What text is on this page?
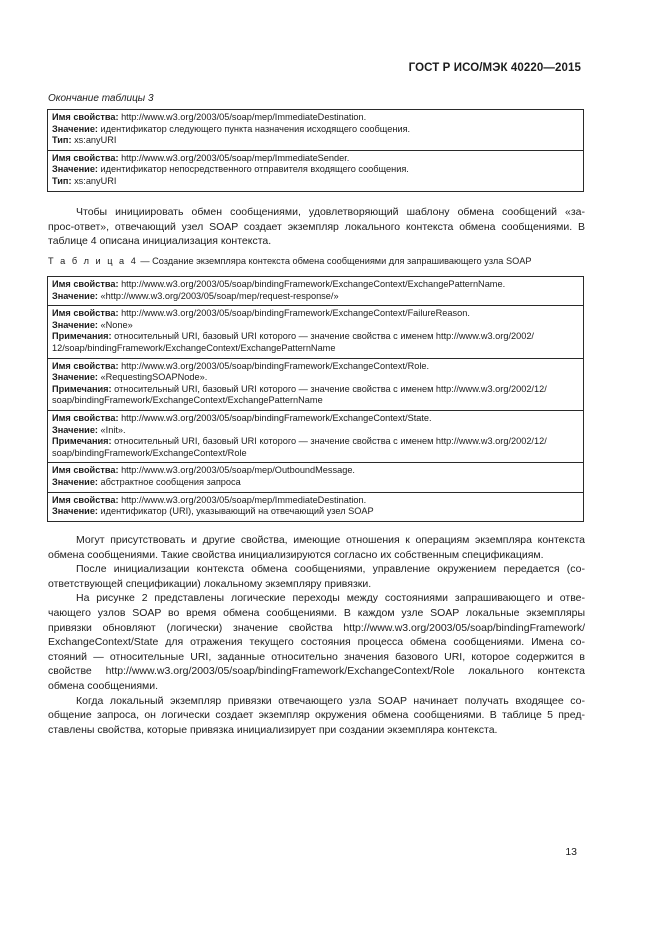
ГОСТ Р ИСО/МЭК 40220—2015
Окончание таблицы 3
Имя свойства: http://www.w3.org/2003/05/soap/mep/ImmediateDestination.
Значение: идентификатор следующего пункта назначения исходящего сообщения.
Тип: xs:anyURI

Имя свойства: http://www.w3.org/2003/05/soap/mep/ImmediateSender.
Значение: идентификатор непосредственного отправителя входящего сообщения.
Тип: xs:anyURI
Чтобы инициировать обмен сообщениями, удовлетворяющий шаблону обмена сообщений «за-
прос-ответ», отвечающий узел SOAP создает экземпляр локального контекста обмена сообщениями. В
таблице 4 описана инициализация контекста.
Т а б л и ц а 4 — Создание экземпляра контекста обмена сообщениями для запрашивающего узла SOAP
Имя свойства: http://www.w3.org/2003/05/soap/bindingFramework/ExchangeContext/ExchangePatternName.
Значение: «http://www.w3.org/2003/05/soap/mep/request-response/»

Имя свойства: http://www.w3.org/2003/05/soap/bindingFramework/ExchangeContext/FailureReason.
Значение: «None»
Примечания: относительный URI, базовый URI которого — значение свойства с именем http://www.w3.org/2002/
12/soap/bindingFramework/ExchangeContext/ExchangePatternName

Имя свойства: http://www.w3.org/2003/05/soap/bindingFramework/ExchangeContext/Role.
Значение: «RequestingSOAPNode».
Примечания: относительный URI, базовый URI которого — значение свойства с именем http://www.w3.org/2002/12/
soap/bindingFramework/ExchangeContext/ExchangePatternName

Имя свойства: http://www.w3.org/2003/05/soap/bindingFramework/ExchangeContext/State.
Значение: «Init».
Примечания: относительный URI, базовый URI которого — значение свойства с именем http://www.w3.org/2002/12/
soap/bindingFramework/ExchangeContext/Role

Имя свойства: http://www.w3.org/2003/05/soap/mep/OutboundMessage.
Значение: абстрактное сообщения запроса

Имя свойства: http://www.w3.org/2003/05/soap/mep/ImmediateDestination.
Значение: идентификатор (URI), указывающий на отвечающий узел SOAP
Могут присутствовать и другие свойства, имеющие отношения к операциям экземпляра контекста
обмена сообщениями. Такие свойства инициализируются согласно их собственным спецификациям.
После инициализации контекста обмена сообщениями, управление окружением передается (со-
ответствующей спецификации) локальному экземпляру привязки.
На рисунке 2 представлены логические переходы между состояниями запрашивающего и отве-
чающего узлов SOAP во время обмена сообщениями. В каждом узле SOAP локальные экземпляры
привязки обновляют (логически) значение свойства http://www.w3.org/2003/05/soap/bindingFramework/
ExchangeContext/State для отражения текущего состояния процесса обмена сообщениями. Имена со-
стояний — относительные URI, заданные относительно значения базового URI, которое содержится в
свойстве http://www.w3.org/2003/05/soap/bindingFramework/ExchangeContext/Role локального контекста
обмена сообщениями.
Когда локальный экземпляр привязки отвечающего узла SOAP начинает получать входящее со-
общение запроса, он логически создает экземпляр окружения обмена сообщениями. В таблице 5 пред-
ставлены свойства, которые привязка инициализирует при создании экземпляра контекста.
13
